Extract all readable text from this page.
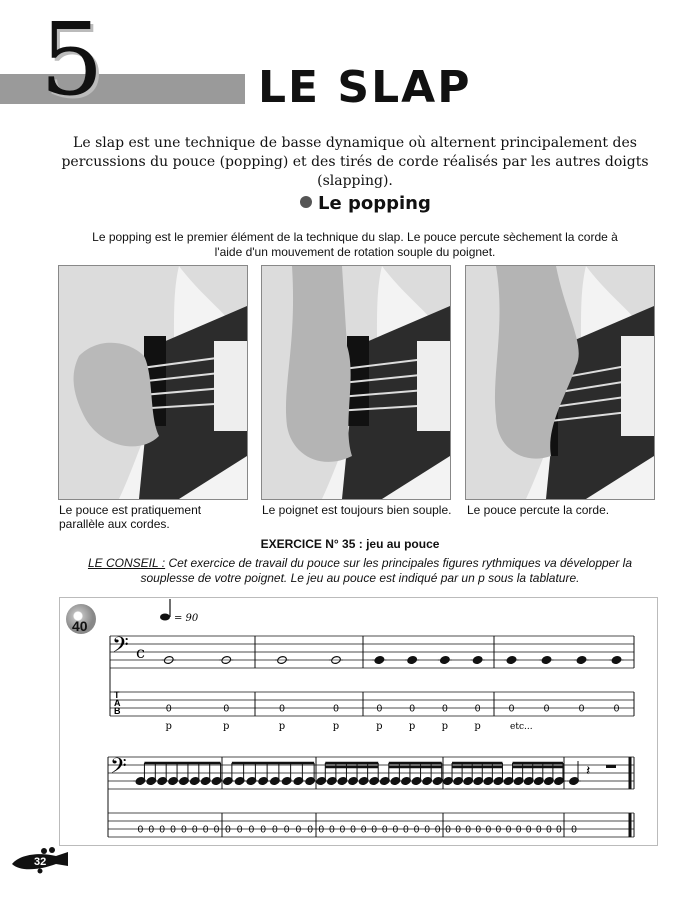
5	LE SLAP
Le slap est une technique de basse dynamique où alternent principalement des percussions du pouce (popping) et des tirés de corde réalisés par les autres doigts (slapping).
Le popping
Le popping est le premier élément de la technique du slap. Le pouce percute sèchement la corde à l'aide d'un mouvement de rotation souple du poignet.
Le pouce est pratiquement parallèle aux cordes.
Le poignet est toujours bien souple.	Le pouce percute la corde.
EXERCICE N° 35 : jeu au pouce
LE CONSEIL : Cet exercice de travail du pouce sur les principales figures rythmiques va développer la souplesse de votre poignet. Le jeu au pouce est indiqué par un p sous la tablature.
40	= 90
𝄢 c
T
A
B	0
p
0
p
0
p
0
p
0
p
0
p
0
p
0
p
0	0	0	0
etc...
𝄢
0 0 0 0 0 0 0 0 0 0 0 0 0 0 0 0 0 0 0 0 0 0 0 0 0 0 0 0 0 0 0 0 0 0 0 0 0 0 0 0 0
𝄽
32
